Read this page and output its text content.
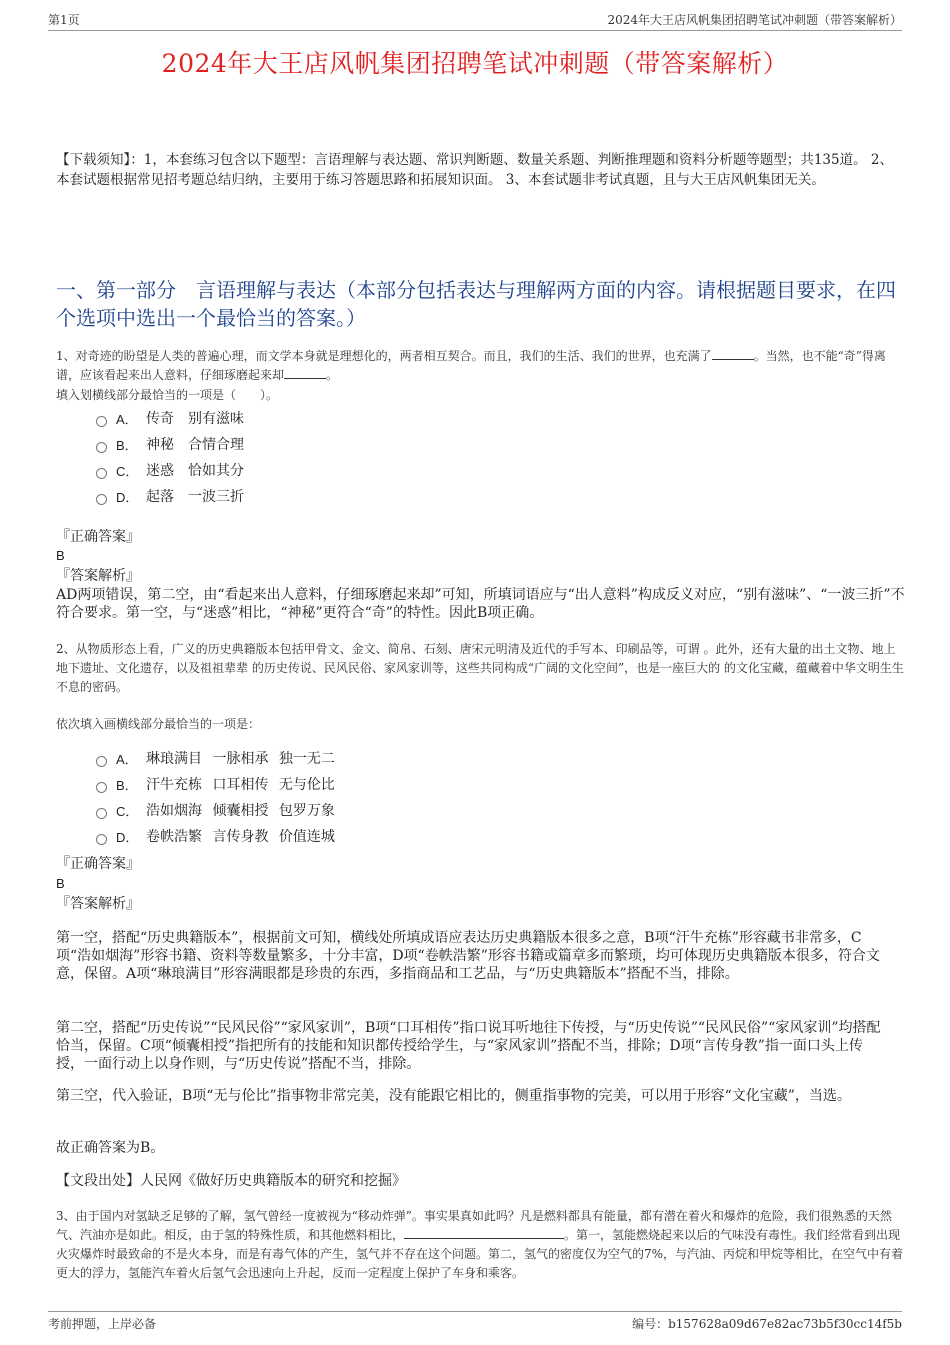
第1页	2024年大王店风帆集团招聘笔试冲刺题（带答案解析）
2024年大王店风帆集团招聘笔试冲刺题（带答案解析）
【下载须知】：1，本套练习包含以下题型：言语理解与表达题、常识判断题、数量关系题、判断推理题和资料分析题等题型；共135道。 2、本套试题根据常见招考题总结归纳，主要用于练习答题思路和拓展知识面。 3、本套试题非考试真题，且与大王店风帆集团无关。
一、第一部分 言语理解与表达（本部分包括表达与理解两方面的内容。请根据题目要求，在四个选项中选出一个最恰当的答案。）
1、对奇迹的盼望是人类的普遍心理，而文学本身就是理想化的，两者相互契合。而且，我们的生活、我们的世界，也充满了	。当然，也不能“奇”得离谱，应该看起来出人意料，仔细琢磨起来却	。
填入划横线部分最恰当的一项是（　　）。
A． 传奇　别有滋味
B． 神秘　合情合理
C． 迷惑　恰如其分
D． 起落　一波三折
『正确答案』
B
『答案解析』
AD两项错误，第二空，由“看起来出人意料，仔细琢磨起来却”可知，所填词语应与“出人意料”构成反义对应，“别有滋味”、“一波三折”不符合要求。第一空，与“迷惑”相比，“神秘”更符合“奇”的特性。因此B项正确。
2、从物质形态上看，广义的历史典籍版本包括甲骨文、金文、简帛、石刻、唐宋元明清及近代的手写本、印刷品等，可谓 。此外，还有大量的出土文物、地上地下遗址、文化遗存，以及祖祖辈辈 的历史传说、民风民俗、家风家训等，这些共同构成“广阔的文化空间”，也是一座巨大的 的文化宝藏，蕴藏着中华文明生生不息的密码。
依次填入画横线部分最恰当的一项是：
A． 琳琅满目 一脉相承 独一无二
B． 汗牛充栋 口耳相传 无与伦比
C． 浩如烟海 倾囊相授 包罗万象
D． 卷帙浩繁 言传身教 价值连城
『正确答案』
B
『答案解析』
第一空，搭配“历史典籍版本”，根据前文可知，横线处所填成语应表达历史典籍版本很多之意，B项“汗牛充栋”形容藏书非常多，C项“浩如烟海”形容书籍、资料等数量繁多，十分丰富，D项“卷帙浩繁”形容书籍或篇章多而繁琐，均可体现历史典籍版本很多，符合文意，保留。A项“琳琅满目”形容满眼都是珍贵的东西，多指商品和工艺品，与“历史典籍版本”搭配不当，排除。
第二空，搭配“历史传说”“民风民俗”“家风家训”，B项“口耳相传”指口说耳听地往下传授，与“历史传说”“民风民俗”“家风家训”均搭配恰当，保留。C项“倾囊相授”指把所有的技能和知识都传授给学生，与“家风家训”搭配不当，排除；D项“言传身教”指一面口头上传授，一面行动上以身作则，与“历史传说”搭配不当，排除。
第三空，代入验证，B项“无与伦比”指事物非常完美，没有能跟它相比的，侧重指事物的完美，可以用于形容“文化宝藏”，当选。
故正确答案为B。
【文段出处】人民网《做好历史典籍版本的研究和挖掘》
3、由于国内对氢缺乏足够的了解，氢气曾经一度被视为“移动炸弹”。事实果真如此吗？凡是燃料都具有能量，都有潜在着火和爆炸的危险，我们很熟悉的天然气、汽油亦是如此。相反，由于氢的特殊性质，和其他燃料相比，	。第一，氢能燃烧起来以后的气味没有毒性。我们经常看到出现火灾爆炸时最致命的不是火本身，而是有毒气体的产生，氢气并不存在这个问题。第二，氢气的密度仅为空气的7%，与汽油、丙烷和甲烷等相比，在空气中有着更大的浮力，氢能汽车着火后氢气会迅速向上升起，反而一定程度上保护了车身和乘客。
考前押题，上岸必备	编号：b157628a09d67e82ac73b5f30cc14f5b
